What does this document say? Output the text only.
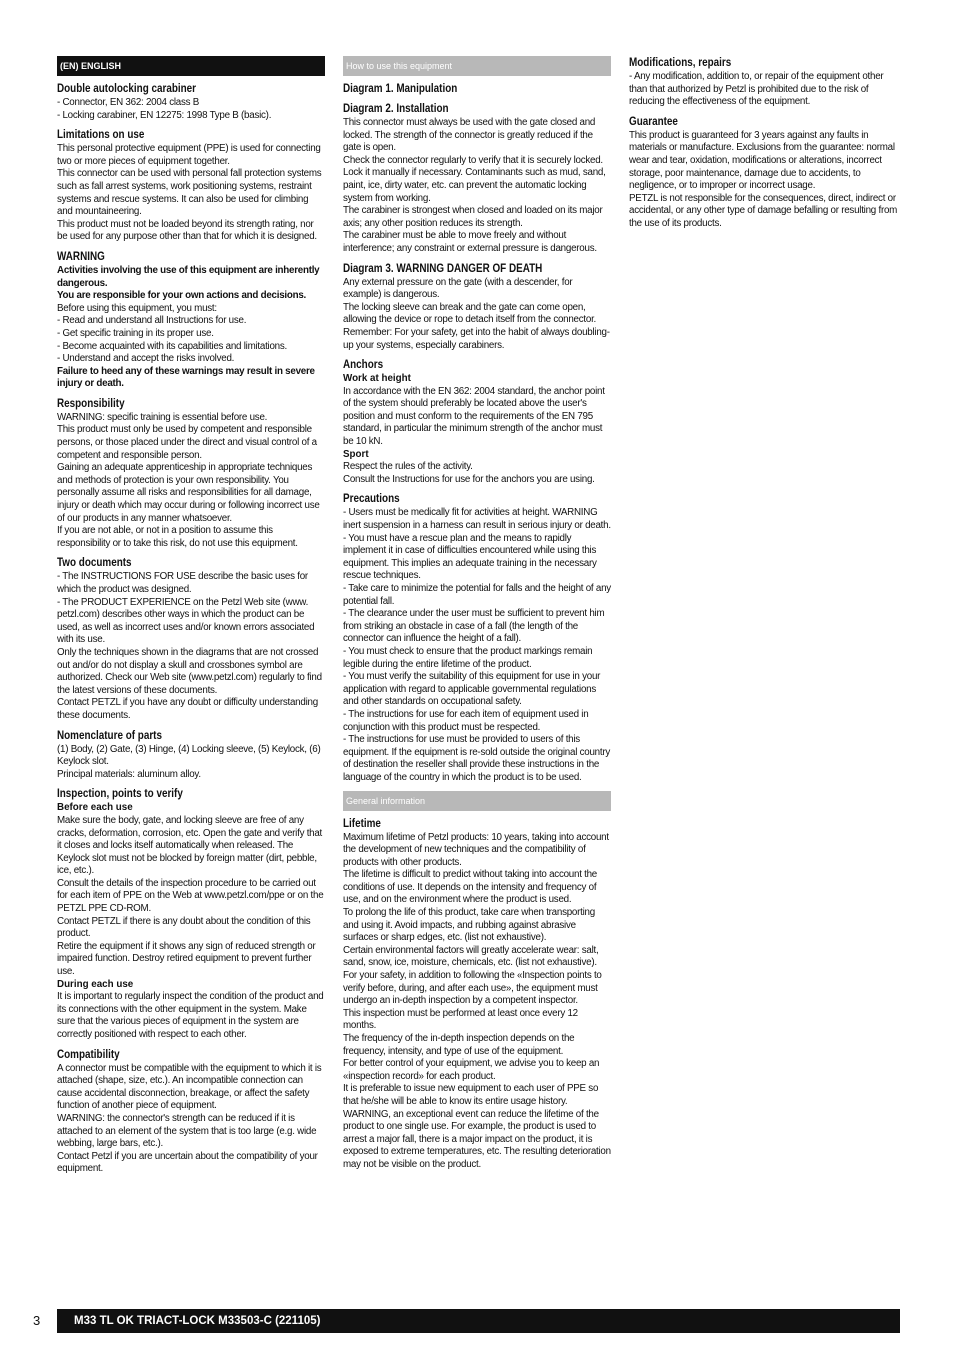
(EN) ENGLISH
Double autolocking carabiner

- Connector, EN 362: 2004 class B

- Locking carabiner, EN 12275: 1998 Type B (basic).

Limitations on use

This personal protective equipment (PPE) is used for connecting two or more pieces of equipment together.

This connector can be used with personal fall protection systems such as fall arrest systems, work positioning systems, restraint systems and rescue systems. It can also be used for climbing and mountaineering.

This product must not be loaded beyond its strength rating, nor be used for any purpose other than that for which it is designed.

WARNING

Activities involving the use of this equipment are inherently dangerous.

You are responsible for your own actions and decisions.

Before using this equipment, you must:

- Read and understand all Instructions for use.

- Get specific training in its proper use.

- Become acquainted with its capabilities and limitations.

- Understand and accept the risks involved.

Failure to heed any of these warnings may result in severe injury or death.

Responsibility

WARNING: specific training is essential before use.

This product must only be used by competent and responsible persons, or those placed under the direct and visual control of a competent and responsible person.

Gaining an adequate apprenticeship in appropriate techniques and methods of protection is your own responsibility. You personally assume all risks and responsibilities for all damage, injury or death which may occur during or following incorrect use of our products in any manner whatsoever.

If you are not able, or not in a position to assume this responsibility or to take this risk, do not use this equipment.

Two documents

- The INSTRUCTIONS FOR USE describe the basic uses for which the product was designed.

- The PRODUCT EXPERIENCE on the Petzl Web site (www. petzl.com) describes other ways in which the product can be used, as well as incorrect uses and/or known errors associated with its use.

Only the techniques shown in the diagrams that are not crossed out and/or do not display a skull and crossbones symbol are authorized. Check our Web site (www.petzl.com) regularly to find the latest versions of these documents.

Contact PETZL if you have any doubt or difficulty understanding these documents.

Nomenclature of parts

(1) Body, (2) Gate, (3) Hinge, (4) Locking sleeve, (5) Keylock, (6) Keylock slot.

Principal materials: aluminum alloy.

Inspection, points to verify
Before each use

Make sure the body, gate, and locking sleeve are free of any cracks, deformation, corrosion, etc. Open the gate and verify that it closes and locks itself automatically when released. The Keylock slot must not be blocked by foreign matter (dirt, pebble, ice, etc.).

Consult the details of the inspection procedure to be carried out for each item of PPE on the Web at www.petzl.com/ppe or on the PETZL PPE CD-ROM.

Contact PETZL if there is any doubt about the condition of this product.

Retire the equipment if it shows any sign of reduced strength or impaired function. Destroy retired equipment to prevent further use.

During each use

It is important to regularly inspect the condition of the product and its connections with the other equipment in the system. Make sure that the various pieces of equipment in the system are correctly positioned with respect to each other.

Compatibility

A connector must be compatible with the equipment to which it is attached (shape, size, etc.). An incompatible connection can cause accidental disconnection, breakage, or affect the safety function of another piece of equipment.

WARNING: the connector's strength can be reduced if it is attached to an element of the system that is too large (e.g. wide webbing, large bars, etc.).

Contact Petzl if you are uncertain about the compatibility of your equipment.

How to use this equipment
Diagram 1. Manipulation
Diagram 2. Installation

This connector must always be used with the gate closed and locked. The strength of the connector is greatly reduced if the gate is open.

Check the connector regularly to verify that it is securely locked. Lock it manually if necessary. Contaminants such as mud, sand, paint, ice, dirty water, etc. can prevent the automatic locking system from working.

The carabiner is strongest when closed and loaded on its major axis; any other position reduces its strength.

The carabiner must be able to move freely and without interference; any constraint or external pressure is dangerous.

Diagram 3. WARNING DANGER OF DEATH

Any external pressure on the gate (with a descender, for example) is dangerous.

The locking sleeve can break and the gate can come open, allowing the device or rope to detach itself from the connector.

Remember: For your safety, get into the habit of always doubling-up your systems, especially carabiners.

Anchors
Work at height

In accordance with the EN 362: 2004 standard, the anchor point of the system should preferably be located above the user's position and must conform to the requirements of the EN 795 standard, in particular the minimum strength of the anchor must be 10 kN.

Sport

Respect the rules of the activity.

Consult the Instructions for use for the anchors you are using.

Precautions

- Users must be medically fit for activities at height. WARNING inert suspension in a harness can result in serious injury or death.

- You must have a rescue plan and the means to rapidly implement it in case of difficulties encountered while using this equipment. This implies an adequate training in the necessary rescue techniques.

- Take care to minimize the potential for falls and the height of any potential fall.

- The clearance under the user must be sufficient to prevent him from striking an obstacle in case of a fall (the length of the connector can influence the height of a fall).

- You must check to ensure that the product markings remain legible during the entire lifetime of the product.

- You must verify the suitability of this equipment for use in your application with regard to applicable governmental regulations and other standards on occupational safety.

- The instructions for use for each item of equipment used in conjunction with this product must be respected.

- The instructions for use must be provided to users of this equipment. If the equipment is re-sold outside the original country of destination the reseller shall provide these instructions in the language of the country in which the product is to be used.

General information
Lifetime

Maximum lifetime of Petzl products: 10 years, taking into account the development of new techniques and the compatibility of products with other products.

The lifetime is difficult to predict without taking into account the conditions of use. It depends on the intensity and frequency of use, and on the environment where the product is used.

To prolong the life of this product, take care when transporting and using it. Avoid impacts, and rubbing against abrasive surfaces or sharp edges, etc. (list not exhaustive).

Certain environmental factors will greatly accelerate wear: salt, sand, snow, ice, moisture, chemicals, etc. (list not exhaustive).

For your safety, in addition to following the «Inspection points to verify before, during, and after each use», the equipment must undergo an in-depth inspection by a competent inspector.

This inspection must be performed at least once every 12 months.

The frequency of the in-depth inspection depends on the frequency, intensity, and type of use of the equipment.

For better control of your equipment, we advise you to keep an «inspection record» for each product.

It is preferable to issue new equipment to each user of PPE so that he/she will be able to know its entire usage history.

WARNING, an exceptional event can reduce the lifetime of the product to one single use. For example, the product is used to arrest a major fall, there is a major impact on the product, it is exposed to extreme temperatures, etc. The resulting deterioration may not be visible on the product.

Modifications, repairs

- Any modification, addition to, or repair of the equipment other than that authorized by Petzl is prohibited due to the risk of reducing the effectiveness of the equipment.

Guarantee

This product is guaranteed for 3 years against any faults in materials or manufacture. Exclusions from the guarantee: normal wear and tear, oxidation, modifications or alterations, incorrect storage, poor maintenance, damage due to accidents, to negligence, or to improper or incorrect usage.

PETZL is not responsible for the consequences, direct, indirect or accidental, or any other type of damage befalling or resulting from the use of its products.

3	M33 TL OK TRIACT-LOCK M33503-C (221105)
